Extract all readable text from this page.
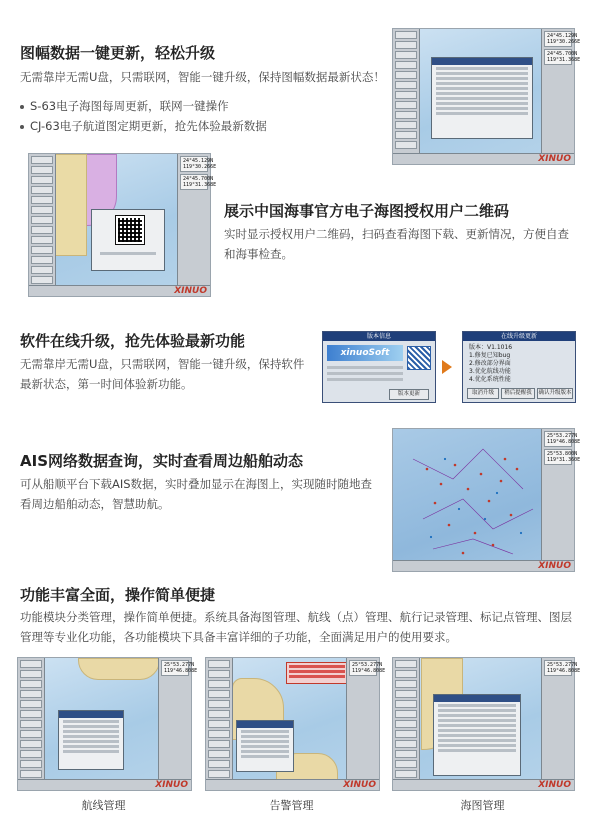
图幅数据一键更新，轻松升级
无需靠岸无需U盘，只需联网，智能一键升级，保持图幅数据最新状态！
S-63电子海图每周更新，联网一键操作
CJ-63电子航道图定期更新，抢先体验最新数据
24°45.129N
119°30.266E
24°45.700N
119°31.368E
XINUO
24°45.129N
119°30.266E
24°45.700N
119°31.368E
XINUO
展示中国海事官方电子海图授权用户二维码
实时显示授权用户二维码，扫码查看海图下载、更新情况，方便自查和海事检查。
软件在线升级，抢先体验最新功能
无需靠岸无需U盘，只需联网，智能一键升级，保持软件最新状态，第一时间体验新功能。
版本信息
xinuoSoft
版本更新
在线升级更新
版本：V1.1016
1.修复已知bug
2.修改部分界面
3.优化航线功能
4.优化系统性能
取消升级	稍后提醒我	确认升级版本
AIS网络数据查询，实时查看周边船舶动态
可从船顺平台下载AIS数据，实时叠加显示在海图上，实现随时随地查看周边船舶动态，智慧助航。
25°53.277N
119°46.808E
25°53.800N
119°31.360E
XINUO
功能丰富全面，操作简单便捷
功能模块分类管理，操作简单便捷。系统具备海图管理、航线（点）管理、航行记录管理、标记点管理、图层管理等专业化功能，各功能模块下具备丰富详细的子功能，全面满足用户的使用要求。
25°53.277N
119°46.808E
XINUO
航线管理
25°53.277N
119°46.808E
XINUO
告警管理
25°53.277N
119°46.808E
XINUO
海图管理
